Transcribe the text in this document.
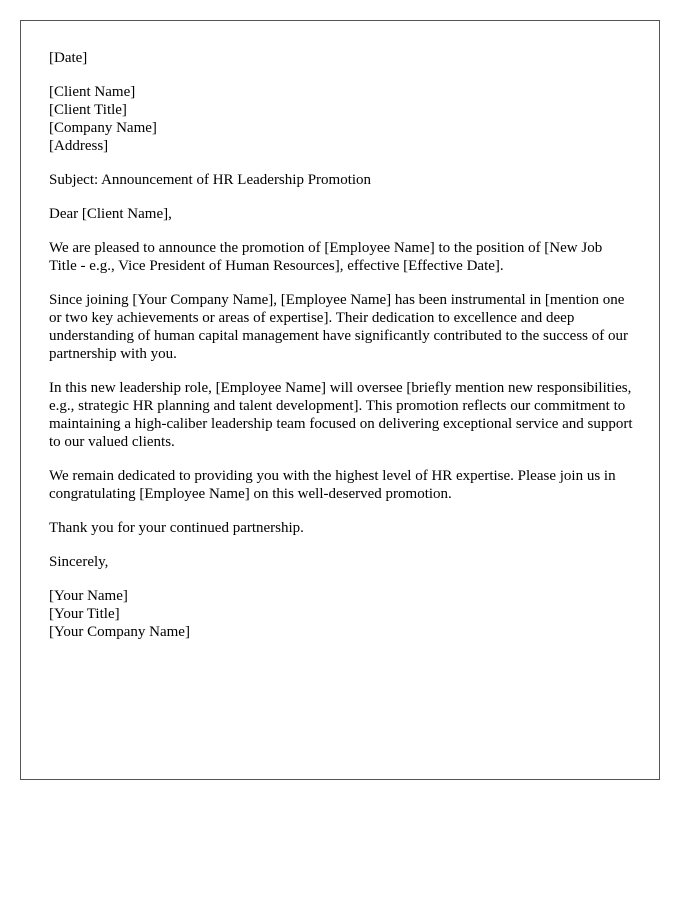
[Date]
[Client Name]
[Client Title]
[Company Name]
[Address]

Subject: Announcement of HR Leadership Promotion

Dear [Client Name],

We are pleased to announce the promotion of [Employee Name] to the position of [New Job Title - e.g., Vice President of Human Resources], effective [Effective Date].

Since joining [Your Company Name], [Employee Name] has been instrumental in [mention one or two key achievements or areas of expertise]. Their dedication to excellence and deep understanding of human capital management have significantly contributed to the success of our partnership with you.

In this new leadership role, [Employee Name] will oversee [briefly mention new responsibilities, e.g., strategic HR planning and talent development]. This promotion reflects our commitment to maintaining a high-caliber leadership team focused on delivering exceptional service and support to our valued clients.

We remain dedicated to providing you with the highest level of HR expertise. Please join us in congratulating [Employee Name] on this well-deserved promotion.

Thank you for your continued partnership.

Sincerely,

[Your Name]
[Your Title]
[Your Company Name]
